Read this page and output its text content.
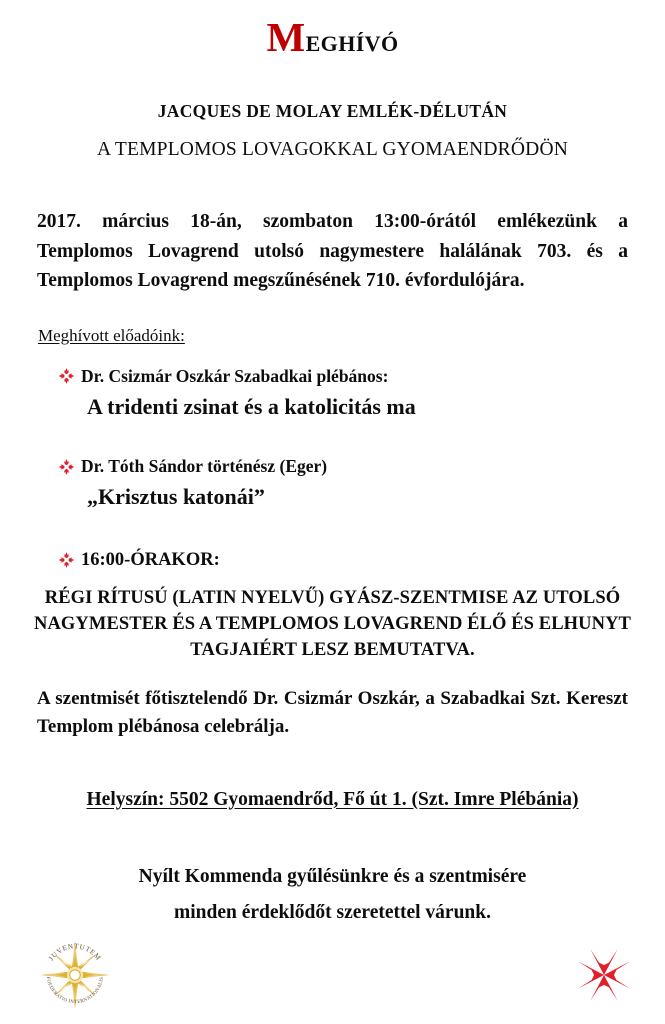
Meghívó

JACQUES DE MOLAY EMLÉK-DÉLUTÁN

A TEMPLOMOS LOVAGOKKAL GYOMAENDRŐDÖN

2017. március 18-án, szombaton 13:00-órától emlékezünk a Templomos Lovagrend utolsó nagymestere halálának 703. és a Templomos Lovagrend megszűnésének 710. évfordulójára.

Meghívott előadóink:

Dr. Csizmár Oszkár Szabadkai plébános:

A tridenti zsinat és a katolicitás ma

Dr. Tóth Sándor történész (Eger)

„Krisztus katonái”

16:00-ÓRAKOR:

RÉGI RÍTUSÚ (LATIN NYELVŰ) GYÁSZ-SZENTMISE AZ UTOLSÓ NAGYMESTER ÉS A TEMPLOMOS LOVAGREND ÉLŐ ÉS ELHUNYT TAGJAIÉRT LESZ BEMUTATVA.

A szentmisét főtisztelendő Dr. Csizmár Oszkár, a Szabadkai Szt. Kereszt Templom plébánosa celebrálja.

Helyszín: 5502 Gyomaendrőd, Fő út 1. (Szt. Imre Plébánia)

Nyílt Kommenda gyűlésünkre és a szentmisére
minden érdeklődőt szeretettel várunk.

JUVENTUTEM
FOEDERATIO INTERNATIONALIS
